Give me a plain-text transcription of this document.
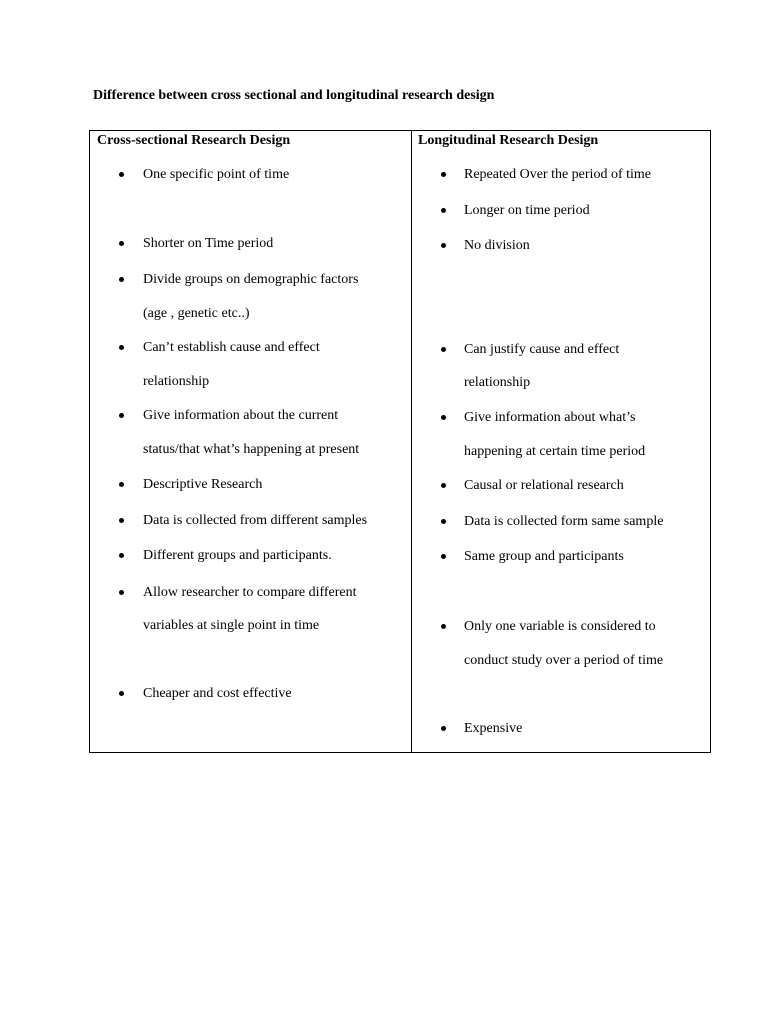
Difference between cross sectional and longitudinal research design
Cross-sectional Research Design
One specific point of time
Shorter on Time period
Divide groups on demographic factors
(age , genetic etc..)
Can’t establish cause and effect
relationship
Give information about the current
status/that what’s happening at present
Descriptive Research
Data is collected from different samples
Different groups and participants.
Allow researcher to compare different
variables at single point in time
Cheaper and cost effective
Longitudinal Research Design
Repeated Over the period of time
Longer on time period
No division
Can justify cause and effect
relationship
Give information about what’s
happening at certain time period
Causal or relational research
Data is collected form same sample
Same group and participants
Only one variable is considered to
conduct study over a period of time
Expensive
